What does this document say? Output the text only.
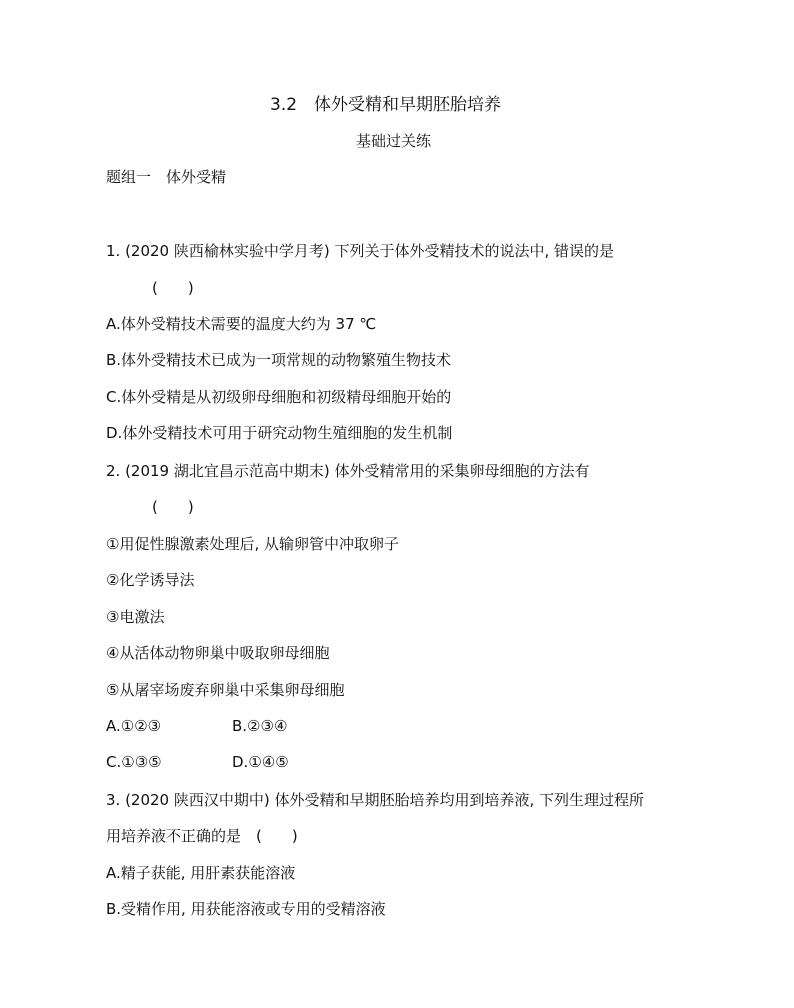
3.2　体外受精和早期胚胎培养
基础过关练
题组一　体外受精
1. (2020 陕西榆林实验中学月考) 下列关于体外受精技术的说法中, 错误的是
(　　)
A.体外受精技术需要的温度大约为 37 ℃
B.体外受精技术已成为一项常规的动物繁殖生物技术
C.体外受精是从初级卵母细胞和初级精母细胞开始的
D.体外受精技术可用于研究动物生殖细胞的发生机制
2. (2019 湖北宜昌示范高中期末) 体外受精常用的采集卵母细胞的方法有
(　　)
①用促性腺激素处理后, 从输卵管中冲取卵子
②化学诱导法
③电激法
④从活体动物卵巢中吸取卵母细胞
⑤从屠宰场废弃卵巢中采集卵母细胞
A.①②③	B.②③④
C.①③⑤	D.①④⑤
3. (2020 陕西汉中期中) 体外受精和早期胚胎培养均用到培养液, 下列生理过程所
用培养液不正确的是　(　　)
A.精子获能, 用肝素获能溶液
B.受精作用, 用获能溶液或专用的受精溶液
